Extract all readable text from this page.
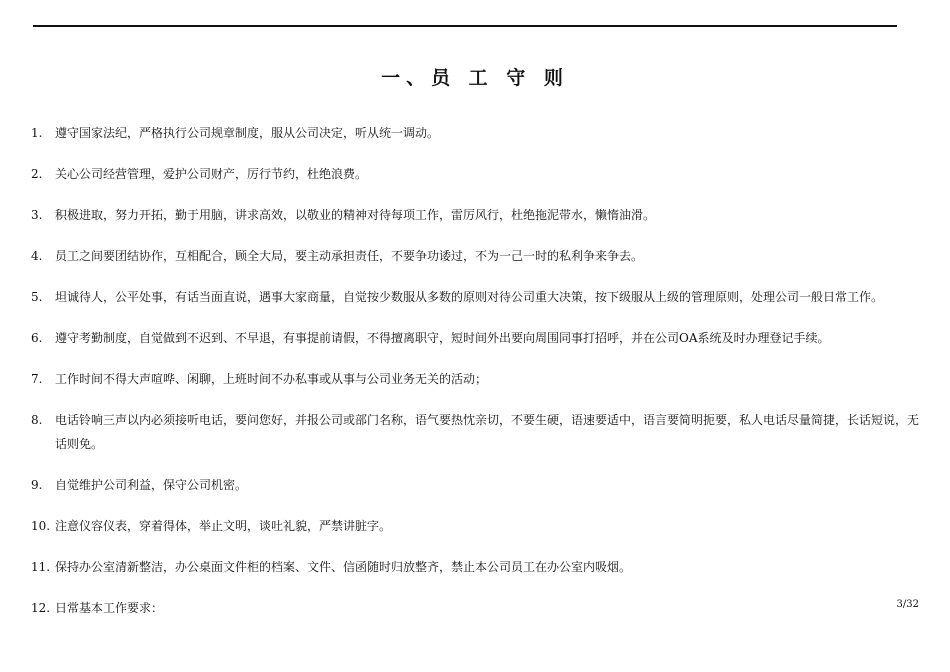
一、员 工 守 则
1.	遵守国家法纪，严格执行公司规章制度，服从公司决定，听从统一调动。
2.	关心公司经营管理，爱护公司财产，厉行节约，杜绝浪费。
3.	积极进取，努力开拓，勤于用脑，讲求高效，以敬业的精神对待每项工作，雷厉风行，杜绝拖泥带水，懒惰油滑。
4.	员工之间要团结协作，互相配合，顾全大局，要主动承担责任，不要争功诿过，不为一己一时的私利争来争去。
5.	坦诚待人，公平处事，有话当面直说，遇事大家商量，自觉按少数服从多数的原则对待公司重大决策，按下级服从上级的管理原则，处理公司一般日常工作。
6.	遵守考勤制度，自觉做到不迟到、不早退，有事提前请假，不得擅离职守，短时间外出要向周围同事打招呼，并在公司OA系统及时办理登记手续。
7.	工作时间不得大声喧哗、闲聊，上班时间不办私事或从事与公司业务无关的活动；
8.	电话铃响三声以内必须接听电话，要问您好，并报公司或部门名称，语气要热忱亲切，不要生硬，语速要适中，语言要简明扼要，私人电话尽量简捷，长话短说，无话则免。
9.	自觉维护公司利益，保守公司机密。
10. 注意仪容仪表，穿着得体，举止文明，谈吐礼貌，严禁讲脏字。
11. 保持办公室清新整洁，办公桌面文件柜的档案、文件、信函随时归放整齐，禁止本公司员工在办公室内吸烟。
12. 日常基本工作要求：	3/32
